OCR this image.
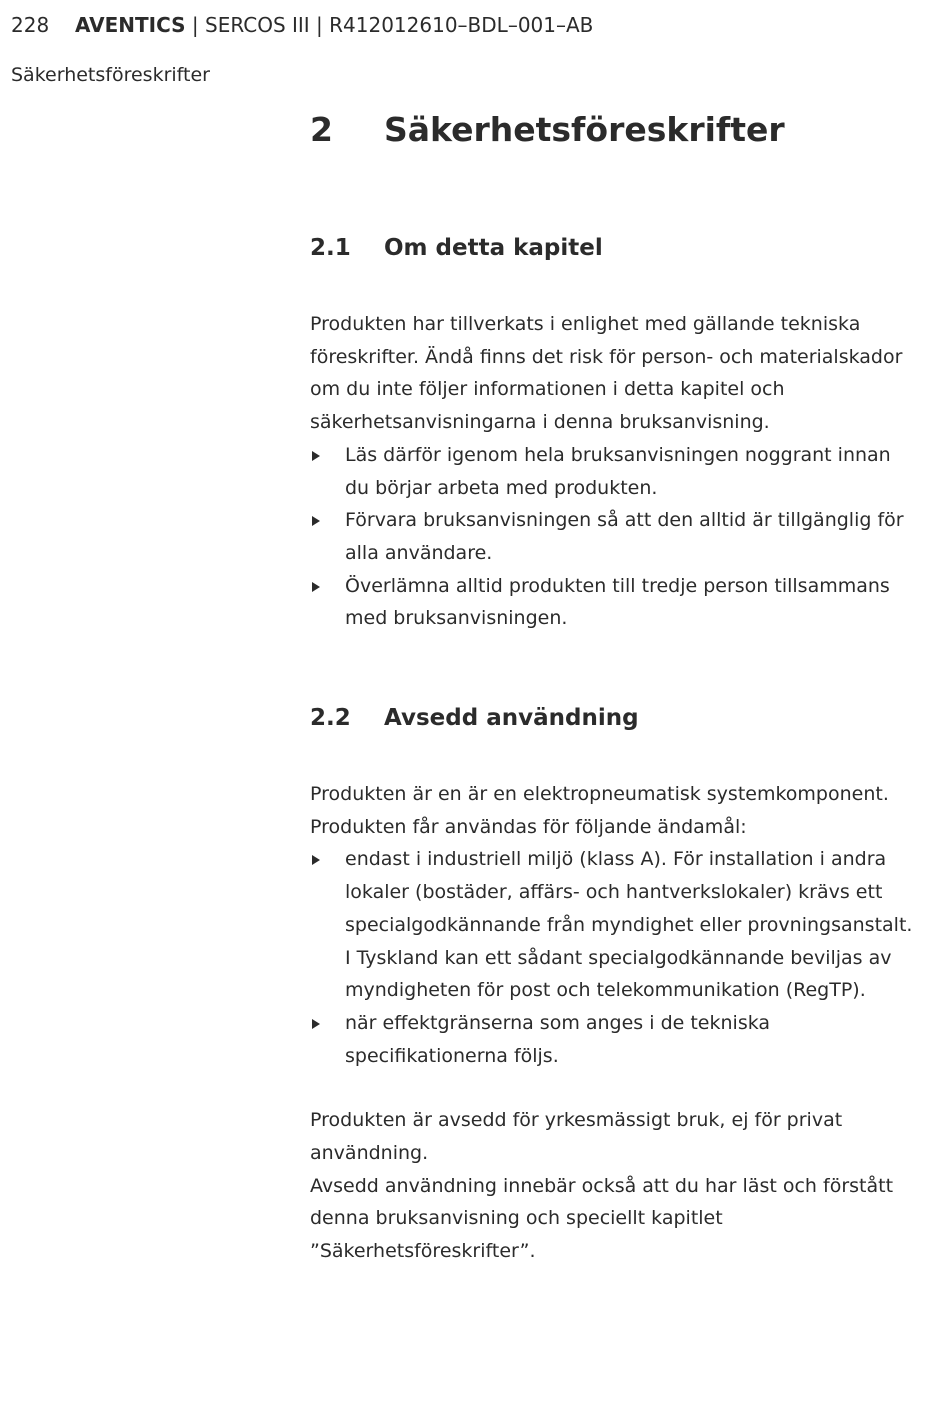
228 AVENTICS | SERCOS III | R412012610–BDL–001–AB
Säkerhetsföreskrifter
2	Säkerhetsföreskrifter
2.1	Om detta kapitel

Produkten har tillverkats i enlighet med gällande tekniska
föreskrifter. Ändå finns det risk för person- och materialskador
om du inte följer informationen i detta kapitel och
säkerhetsanvisningarna i denna bruksanvisning.

Läs därför igenom hela bruksanvisningen noggrant innan
du börjar arbeta med produkten.
Förvara bruksanvisningen så att den alltid är tillgänglig för
alla användare.
Överlämna alltid produkten till tredje person tillsammans
med bruksanvisningen.
2.2	Avsedd användning

Produkten är en är en elektropneumatisk systemkomponent.
Produkten får användas för följande ändamål:

endast i industriell miljö (klass A). För installation i andra
lokaler (bostäder, affärs- och hantverkslokaler) krävs ett
specialgodkännande från myndighet eller provningsanstalt.
I Tyskland kan ett sådant specialgodkännande beviljas av
myndigheten för post och telekommunikation (RegTP).
när effektgränserna som anges i de tekniska
specifikationerna följs.

Produkten är avsedd för yrkesmässigt bruk, ej för privat
användning.

Avsedd användning innebär också att du har läst och förstått
denna bruksanvisning och speciellt kapitlet
”Säkerhetsföreskrifter”.
